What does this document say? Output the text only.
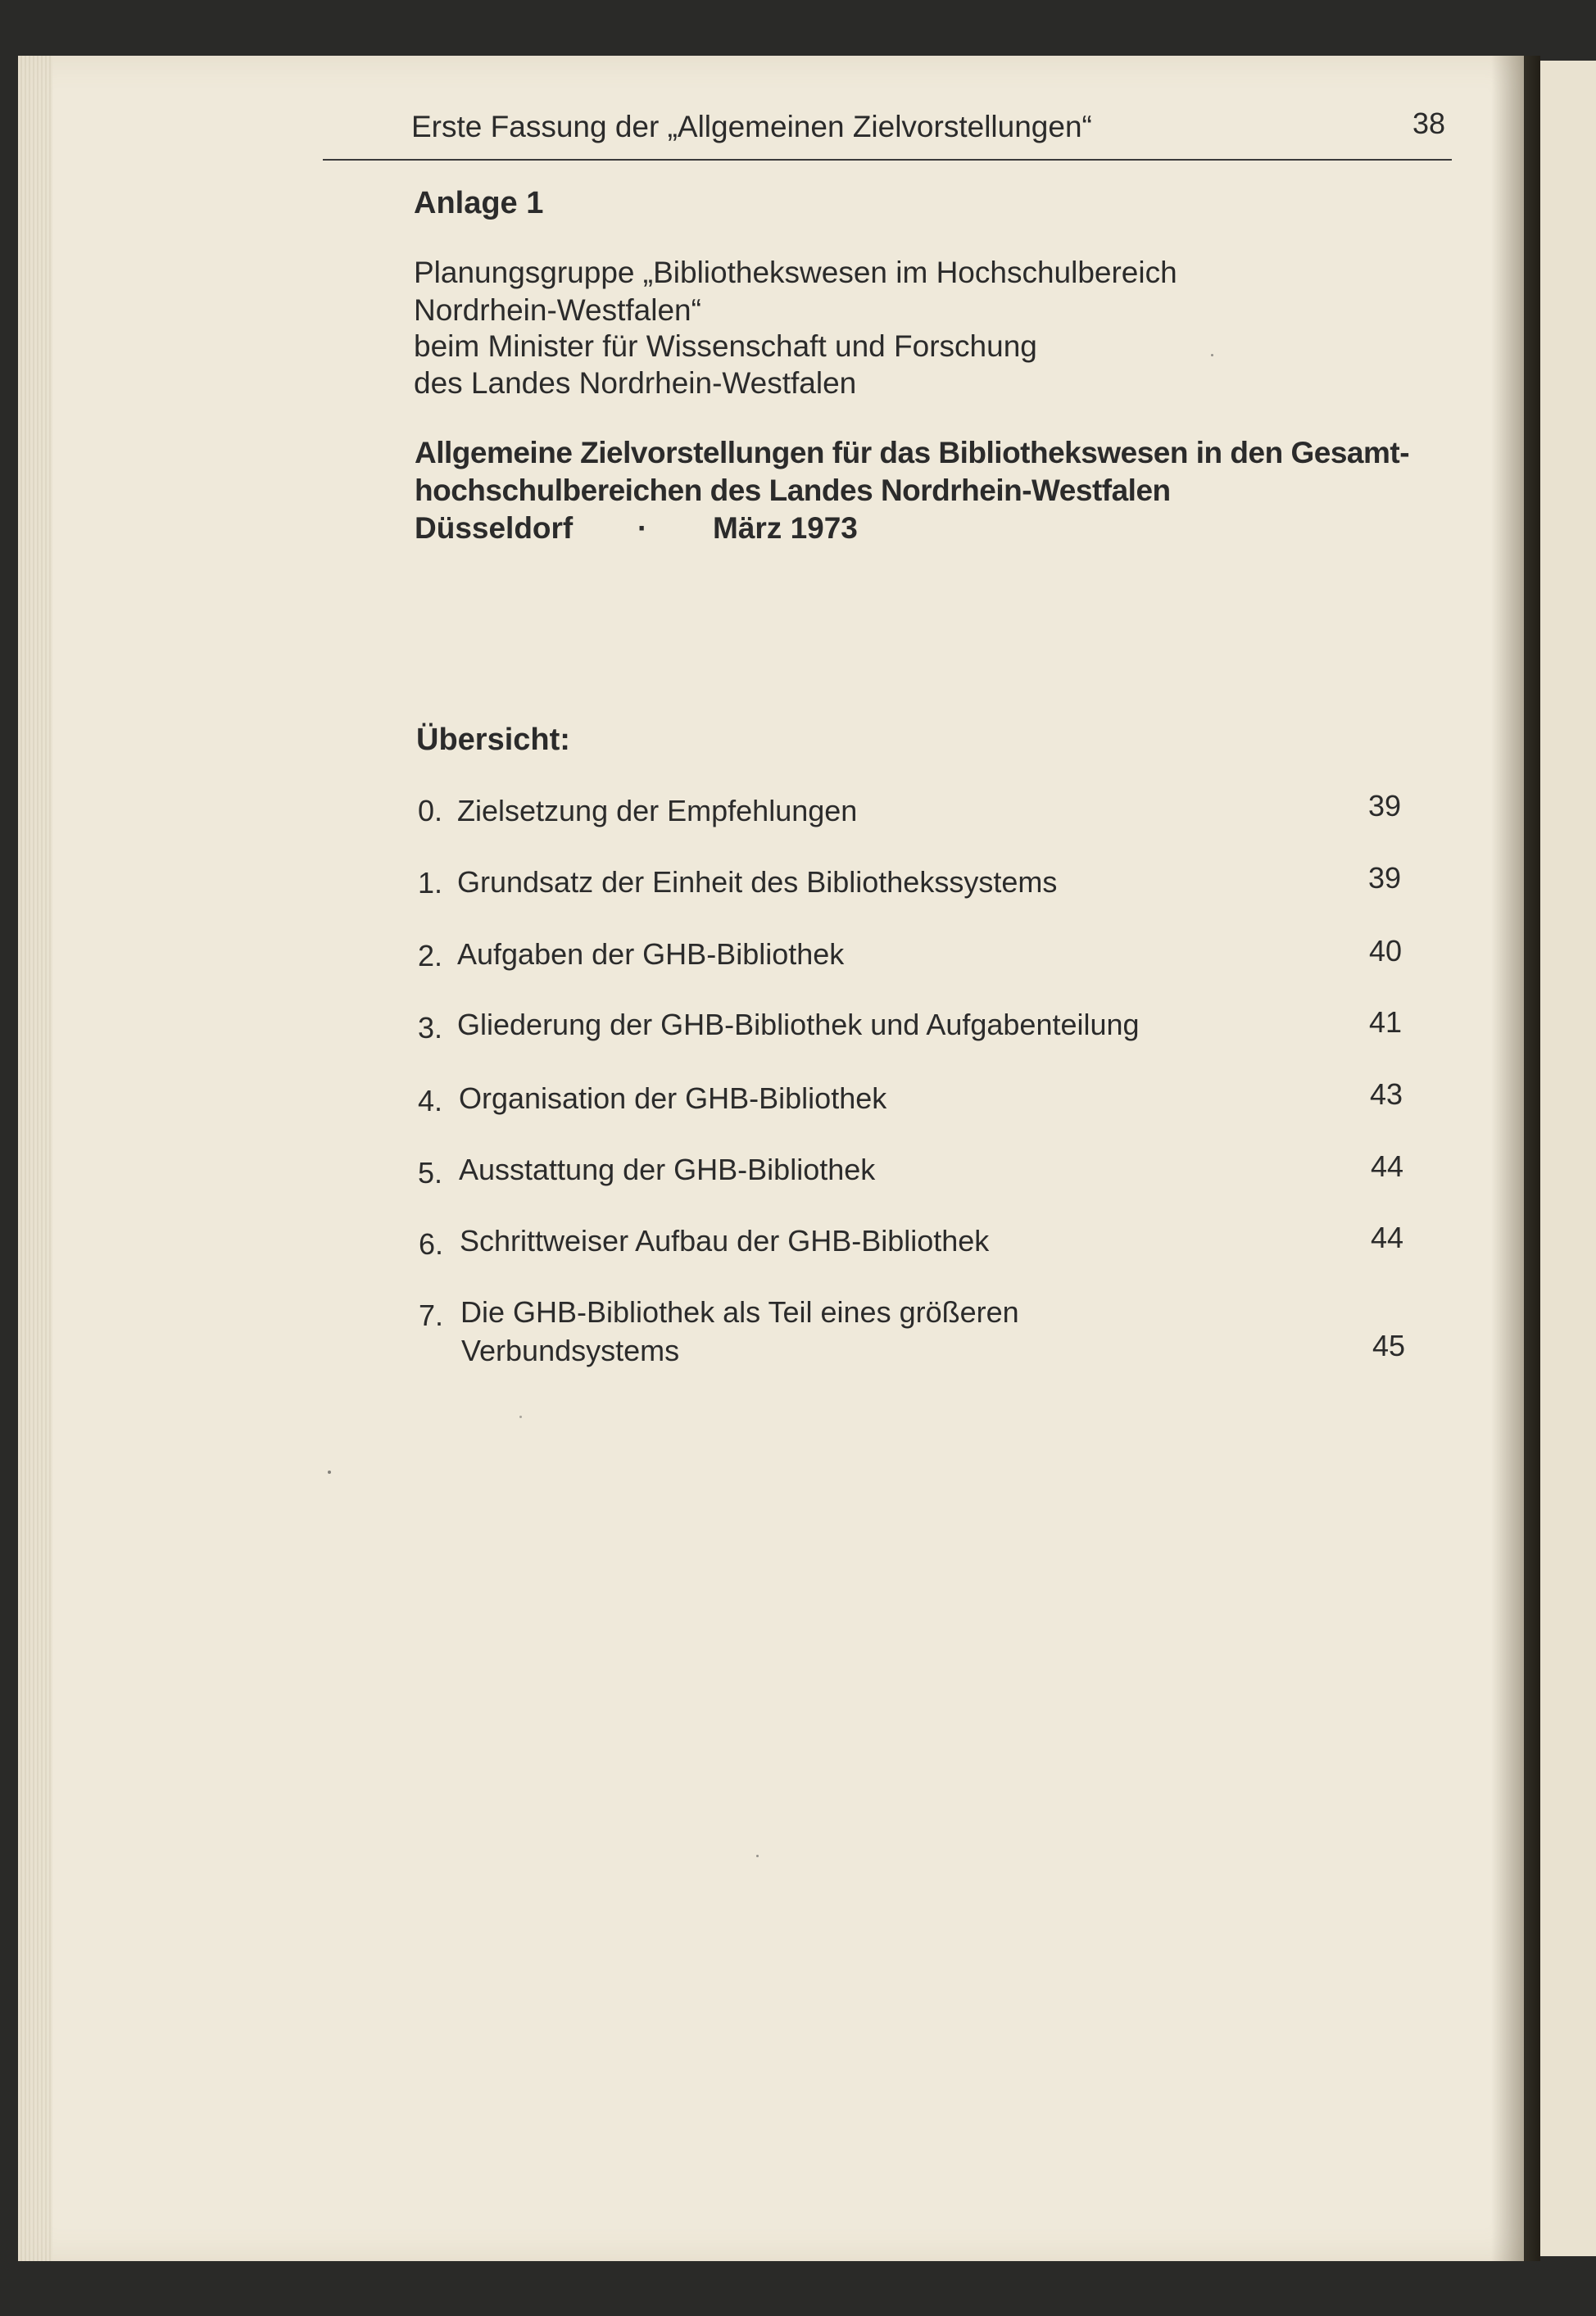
Erste Fassung der „Allgemeinen Zielvorstellungen“	38

Anlage 1

Planungsgruppe „Bibliothekswesen im Hochschulbereich

Nordrhein-Westfalen“

beim Minister für Wissenschaft und Forschung

des Landes Nordrhein-Westfalen

Allgemeine Zielvorstellungen für das Bibliothekswesen in den Gesamt-

hochschulbereichen des Landes Nordrhein-Westfalen

Düsseldorf · März 1973

Übersicht:

0. Zielsetzung der Empfehlungen	39

1. Grundsatz der Einheit des Bibliothekssystems	39

2. Aufgaben der GHB-Bibliothek	40

3. Gliederung der GHB-Bibliothek und Aufgabenteilung	41

4. Organisation der GHB-Bibliothek	43

5. Ausstattung der GHB-Bibliothek	44

6. Schrittweiser Aufbau der GHB-Bibliothek	44

7. Die GHB-Bibliothek als Teil eines größeren

Verbundsystems	45
